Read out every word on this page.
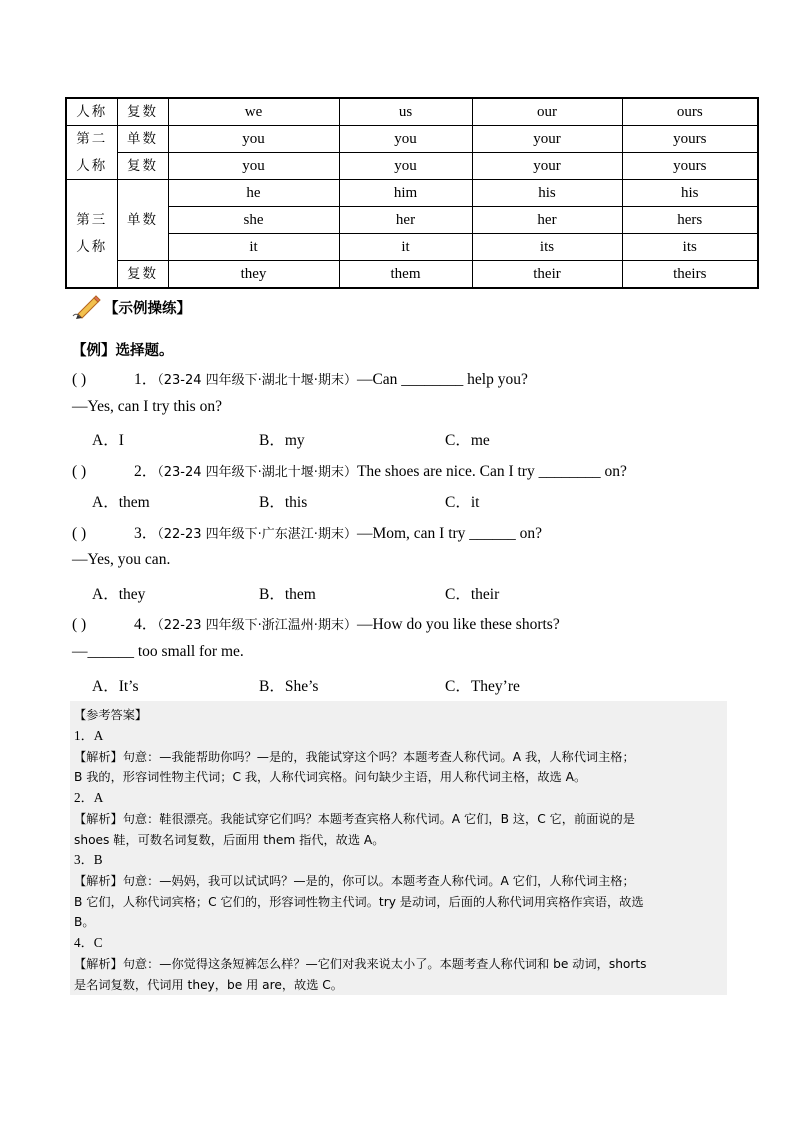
人称	复数	we	us	our	ours

第二
人称	单数	you	you	your	yours
	复数	you	you	your	yours

第三
人称	单数	he	him	his	his
		she	her	her	hers
		it	it	its	its
	复数	they	them	their	theirs
【示例操练】
【例】选择题。
( )	1．（23-24 四年级下·湖北十堰·期末）—Can ________ help you?
—Yes, can I try this on?
A．I	B．my	C．me
( )	2．（23-24 四年级下·湖北十堰·期末）The shoes are nice. Can I try ________ on?
A．them	B．this	C．it
( )	3．（22-23 四年级下·广东湛江·期末）—Mom, can I try ______ on?
—Yes, you can.
A．they	B．them	C．their
( )	4．（22-23 四年级下·浙江温州·期末）—How do you like these shorts?
—______ too small for me.
A．It’s	B．She’s	C．They’re
【参考答案】
1．A
【解析】句意：—我能帮助你吗？—是的，我能试穿这个吗？本题考查人称代词。A 我，人称代词主格；
B 我的，形容词性物主代词；C 我，人称代词宾格。问句缺少主语，用人称代词主格，故选 A。
2．A
【解析】句意：鞋很漂亮。我能试穿它们吗？本题考查宾格人称代词。A 它们，B 这，C 它，前面说的是
shoes 鞋，可数名词复数，后面用 them 指代，故选 A。
3．B
【解析】句意：—妈妈，我可以试试吗？—是的，你可以。本题考查人称代词。A 它们，人称代词主格；
B 它们，人称代词宾格；C 它们的，形容词性物主代词。try 是动词，后面的人称代词用宾格作宾语，故选
B。
4．C
【解析】句意：—你觉得这条短裤怎么样？—它们对我来说太小了。本题考查人称代词和 be 动词，shorts
是名词复数，代词用 they，be 用 are，故选 C。
